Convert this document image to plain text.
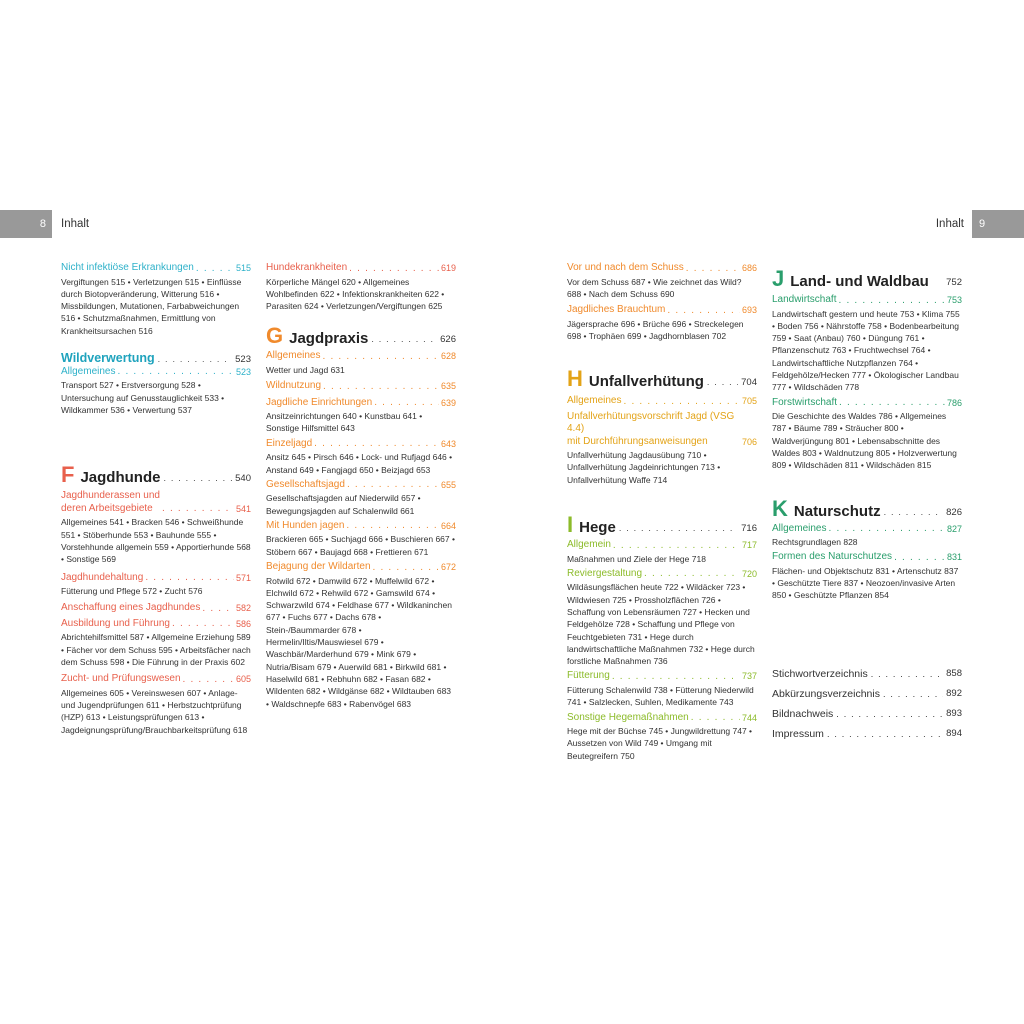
8	Inhalt	Inhalt	9
Nicht infektiöse Erkrankungen . . .	515
Vergiftungen 515 • Verletzungen 515 • Einflüsse durch Biotopveränderung, Witterung 516 • Missbildungen, Mutationen, Farbabweichungen 516 • Schutzmaßnahmen, Ermittlung von Krankheitsursachen 516
Wildverwertung . . .	523
Allgemeines . . .	523
Transport 527 • Erstversorgung 528 • Untersuchung auf Genusstauglichkeit 533 • Wildkammer 536 • Verwertung 537
F Jagdhunde . . .	540
Jagdhunderassen und
deren Arbeitsgebiete . . .	541
Allgemeines 541 • Bracken 546 • Schweißhunde 551 • Stöberhunde 553 • Bauhunde 555 • Vorstehhunde allgemein 559 • Apportierhunde 568 • Sonstige 569
Jagdhundehaltung . . .	571
Fütterung und Pflege 572 • Zucht 576
Anschaffung eines Jagdhundes . . .	582
Ausbildung und Führung . . .	586
Abrichtehilfsmittel 587 • Allgemeine Erziehung 589 • Fächer vor dem Schuss 595 • Arbeitsfächer nach dem Schuss 598 • Die Führung in der Praxis 602
Zucht- und Prüfungswesen . . .	605
Allgemeines 605 • Vereinswesen 607 • Anlage- und Jugendprüfungen 611 • Herbstzuchtprüfung (HZP) 613 • Leistungsprüfungen 613 • Jagdeignungsprüfung/Brauchbarkeitsprüfung 618
Hundekrankheiten . . .	619
Körperliche Mängel 620 • Allgemeines Wohlbefinden 622 • Infektionskrankheiten 622 • Parasiten 624 • Verletzungen/Vergiftungen 625
G Jagdpraxis . . .	626
Allgemeines . . .	628
Wetter und Jagd 631
Wildnutzung . . .	635
Jagdliche Einrichtungen . . .	639
Ansitzeinrichtungen 640 • Kunstbau 641 • Sonstige Hilfsmittel 643
Einzeljagd . . .	643
Ansitz 645 • Pirsch 646 • Lock- und Rufjagd 646 • Anstand 649 • Fangjagd 650 • Beizjagd 653
Gesellschaftsjagd . . .	655
Gesellschaftsjagden auf Niederwild 657 • Bewegungsjagden auf Schalenwild 661
Mit Hunden jagen . . .	664
Brackieren 665 • Suchjagd 666 • Buschieren 667 • Stöbern 667 • Baujagd 668 • Frettieren 671
Bejagung der Wildarten . . .	672
Rotwild 672 • Damwild 672 • Muffelwild 672 • Elchwild 672 • Rehwild 672 • Gamswild 674 • Schwarzwild 674 • Feldhase 677 • Wildkaninchen 677 • Fuchs 677 • Dachs 678 • Stein-/Baummarder 678 • Hermelin/Iltis/Mauswiesel 679 • Waschbär/Marderhund 679 • Mink 679 • Nutria/Bisam 679 • Auerwild 681 • Birkwild 681 • Haselwild 681 • Rebhuhn 682 • Fasan 682 • Wildenten 682 • Wildgänse 682 • Wildtauben 683 • Waldschnepfe 683 • Rabenvögel 683
Vor und nach dem Schuss . . .	686
Vor dem Schuss 687 • Wie zeichnet das Wild? 688 • Nach dem Schuss 690
Jagdliches Brauchtum . . .	693
Jägersprache 696 • Brüche 696 • Streckelegen 698 • Trophäen 699 • Jagdhornblasen 702
H Unfallverhütung . . .	704
Allgemeines . . .	705
Unfallverhütungsvorschrift Jagd (VSG 4.4)
mit Durchführungsanweisungen	706
Unfallverhütung Jagdausübung 710 • Unfallverhütung Jagdeinrichtungen 713 • Unfallverhütung Waffe 714
I Hege . . .	716
Allgemein . . .	717
Maßnahmen und Ziele der Hege 718
Reviergestaltung . . .	720
Wildäsungsflächen heute 722 • Wildäcker 723 • Wildwiesen 725 • Prossholzflächen 726 • Schaffung von Lebensräumen 727 • Hecken und Feldgehölze 728 • Schaffung und Pflege von Feuchtgebieten 731 • Hege durch landwirtschaftliche Maßnahmen 732 • Hege durch forstliche Maßnahmen 736
Fütterung . . .	737
Fütterung Schalenwild 738 • Fütterung Niederwild 741 • Salzlecken, Suhlen, Medikamente 743
Sonstige Hegemaßnahmen . . .	744
Hege mit der Büchse 745 • Jungwildrettung 747 • Aussetzen von Wild 749 • Umgang mit Beutegreifern 750
J Land- und Waldbau 752
Landwirtschaft . . .	753
Landwirtschaft gestern und heute 753 • Klima 755 • Boden 756 • Nährstoffe 758 • Bodenbearbeitung 759 • Saat (Anbau) 760 • Düngung 761 • Pflanzenschutz 763 • Fruchtwechsel 764 • Landwirtschaftliche Nutzpflanzen 764 • Feldgehölze/Hecken 777 • Ökologischer Landbau 777 • Wildschäden 778
Forstwirtschaft . . .	786
Die Geschichte des Waldes 786 • Allgemeines 787 • Bäume 789 • Sträucher 800 • Waldverjüngung 801 • Lebensabschnitte des Waldes 803 • Waldnutzung 805 • Holzverwertung 809 • Wildschäden 811 • Wildschäden 815
K Naturschutz . . .	826
Allgemeines . . .	827
Rechtsgrundlagen 828
Formen des Naturschutzes . . .	831
Flächen- und Objektschutz 831 • Artenschutz 837 • Geschützte Tiere 837 • Neozoen/invasive Arten 850 • Geschützte Pflanzen 854
Stichwortverzeichnis . . .	858
Abkürzungsverzeichnis . . .	892
Bildnachweis . . .	893
Impressum . . .	894
